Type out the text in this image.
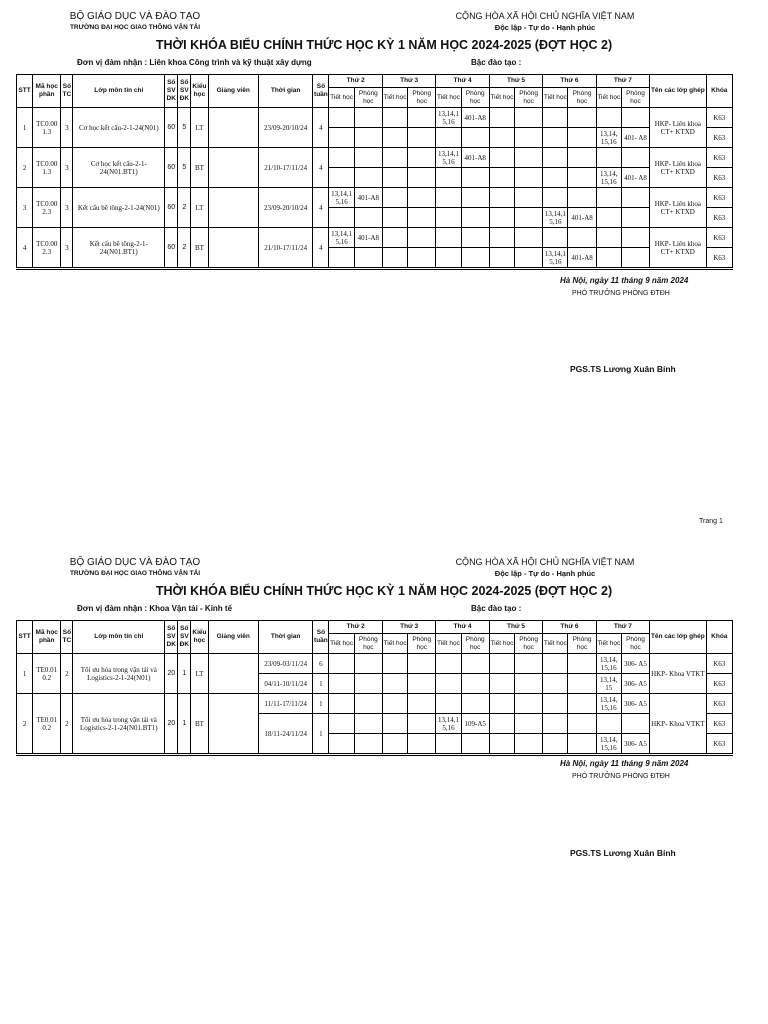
BỘ GIÁO DỤC VÀ ĐÀO TẠO
TRƯỜNG ĐẠI HỌC GIAO THÔNG VẬN TẢI
CỘNG HÒA XÃ HỘI CHỦ NGHĨA VIỆT NAM
Độc lập - Tự do - Hạnh phúc
THỜI KHÓA BIỂU CHÍNH THỨC HỌC KỲ 1 NĂM HỌC 2024-2025 (ĐỢT HỌC 2)
Đơn vị đảm nhận : Liên khoa Công trình và kỹ thuật xây dựng	Bậc đào tạo :
STT	Mã học phần	Số TC	Lớp môn tín chỉ	Số SV DK	Số SV ĐK	Kiểu học	Giảng viên	Thời gian	Số tuần	Thứ 2		Thứ 3		Thứ 4		Thứ 5		Thứ 6		Thứ 7		Tên các lớp ghép	Khóa
										Tiết học	Phòng học	Tiết học	Phòng học	Tiết học	Phòng học	Tiết học	Phòng học	Tiết học	Phòng học	Tiết học	Phòng học		
1	TC0.00 1.3	3	Cơ học kết cấu-2-1-24(N01)	60	5	LT		23/09-20/10/24	4					13,14,1 5,16	401-A8							HKP- Liên khoa CT+ KTXD	K63
																				13,14, 15,16	401- A8		K63
2	TC0.00 1.3	3	Cơ học kết cấu-2-1-24(N01.BT1)	60	5	BT		21/10-17/11/24	4					13,14,1 5,16	401-A8							HKP- Liên khoa CT+ KTXD	K63
																				13,14, 15,16	401- A8		K63
3	TC0.00 2.3	3	Kết cấu bê tông-2-1-24(N01)	60	2	LT		23/09-20/10/24	4	13,14,1 5,16	401-A8											HKP- Liên khoa CT+ KTXD	K63
																		13,14,1 5,16	401-A8				K63
4	TC0.00 2.3	3	Kết cấu bê tông-2-1-24(N01.BT1)	60	2	BT		21/10-17/11/24	4	13,14,1 5,16	401-A8											HKP- Liên khoa CT+ KTXD	K63
																		13,14,1 5,16	401-A8				K63
Hà Nội, ngày 11 tháng 9 năm 2024
PHÓ TRƯỞNG PHÒNG ĐTĐH
PGS.TS Lương Xuân Bính
Trang 1
BỘ GIÁO DỤC VÀ ĐÀO TẠO
TRƯỜNG ĐẠI HỌC GIAO THÔNG VẬN TẢI
CỘNG HÒA XÃ HỘI CHỦ NGHĨA VIỆT NAM
Độc lập - Tự do - Hạnh phúc
THỜI KHÓA BIỂU CHÍNH THỨC HỌC KỲ 1 NĂM HỌC 2024-2025 (ĐỢT HỌC 2)
Đơn vị đảm nhận : Khoa Vận tải - Kinh tế	Bậc đào tạo :
STT	Mã học phần	Số TC	Lớp môn tín chỉ	Số SV DK	Số SV ĐK	Kiểu học	Giảng viên	Thời gian	Số tuần	Thứ 2		Thứ 3		Thứ 4		Thứ 5		Thứ 6		Thứ 7		Tên các lớp ghép	Khóa
										Tiết học	Phòng học	Tiết học	Phòng học	Tiết học	Phòng học	Tiết học	Phòng học	Tiết học	Phòng học	Tiết học	Phòng học		
1	TE0.01 0.2	2	Tối ưu hóa trong vận tải và Logistics-2-1-24(N01)	20	1	LT		23/09-03/11/24	6											13,14, 15,16	306- A5	HKP- Khoa VTKT	K63
								04/11-10/11/24	1											13,14, 15	306- A5		K63
2	TE0.01 0.2	2	Tối ưu hóa trong vận tải và Logistics-2-1-24(N01.BT1)	20	1	BT		11/11-17/11/24	1											13,14, 15,16	306- A5	HKP- Khoa VTKT	K63
								18/11-24/11/24	1					13,14,1 5,16	109-A5								K63
																				13,14, 15,16	306- A5		K63
Hà Nội, ngày 11 tháng 9 năm 2024
PHÓ TRƯỞNG PHÒNG ĐTĐH
PGS.TS Lương Xuân Bính
